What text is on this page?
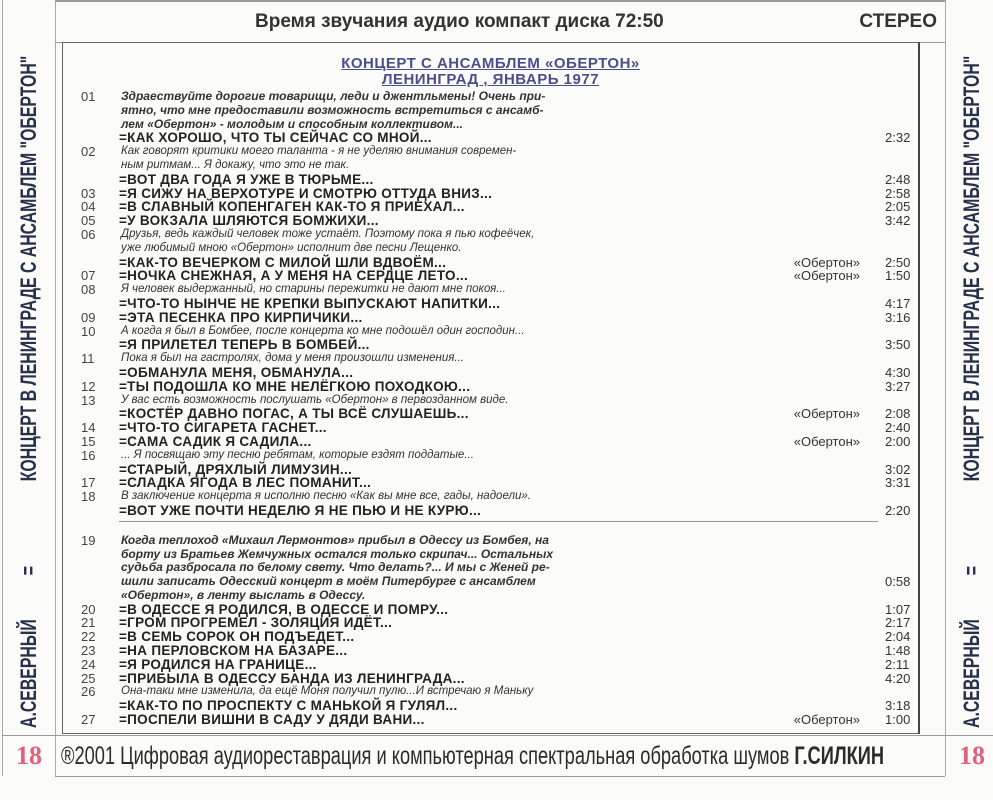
А.СЕВЕРНЫЙ
=
КОНЦЕРТ В ЛЕНИНГРАДЕ С АНСАМБЛЕМ "ОБЕРТОН"
А.СЕВЕРНЫЙ
=
КОНЦЕРТ В ЛЕНИНГРАДЕ С АНСАМБЛЕМ "ОБЕРТОН"
18	18
Время звучания аудио компакт диска 72:50	СТЕРЕО
КОНЦЕРТ С АНСАМБЛЕМ «ОБЕРТОН»
ЛЕНИНГРАД , ЯНВАРЬ 1977
01 Здраествуйте дорогие товарищи, леди и джентльмены! Очень при-
ятно, что мне предоставили возможность встретиться с ансамб-
лем «Обертон» - молодым и способным коллективом...
=КАК ХОРОШО, ЧТО ТЫ СЕЙЧАС СО МНОЙ...	2:32
02 Как говорят критики моего таланта - я не уделяю внимания современ-
ным ритмам... Я докажу, что это не так.
=ВОТ ДВА ГОДА Я УЖЕ В ТЮРЬМЕ...	2:48
03 =Я СИЖУ НА ВЕРХОТУРЕ И СМОТРЮ ОТТУДА ВНИЗ...	2:58
04 =В СЛАВНЫЙ КОПЕНГАГЕН КАК-ТО Я ПРИЕХАЛ...	2:05
05 =У ВОКЗАЛА ШЛЯЮТСЯ БОМЖИХИ...	3:42
06 Друзья, ведь каждый человек тоже устаёт. Поэтому пока я пью кофеёчек,
уже любимый мною «Обертон» исполнит две песни Лещенко.
=КАК-ТО ВЕЧЕРКОМ С МИЛОЙ ШЛИ ВДВОЁМ...	«Обертон» 2:50
07 =НОЧКА СНЕЖНАЯ, А У МЕНЯ НА СЕРДЦЕ ЛЕТО...	«Обертон» 1:50
08 Я человек выдержанный, но старины пережитки не дают мне покоя...
=ЧТО-ТО НЫНЧЕ НЕ КРЕПКИ ВЫПУСКАЮТ НАПИТКИ...	4:17
09 =ЭТА ПЕСЕНКА ПРО КИРПИЧИКИ...	3:16
10 А когда я был в Бомбее, после концерта ко мне подошёл один господин...
=Я ПРИЛЕТЕЛ ТЕПЕРЬ В БОМБЕЙ...	3:50
11 Пока я был на гастролях, дома у меня произошли изменения...
=ОБМАНУЛА МЕНЯ, ОБМАНУЛА...	4:30
12 =ТЫ ПОДОШЛА КО МНЕ НЕЛЁГКОЮ ПОХОДКОЮ...	3:27
13 У вас есть возможность послушать «Обертон» в первозданном виде.
=КОСТЁР ДАВНО ПОГАС, А ТЫ ВСЁ СЛУШАЕШЬ...	«Обертон» 2:08
14 =ЧТО-ТО СИГАРЕТА ГАСНЕТ...	2:40
15 =САМА САДИК Я САДИЛА...	«Обертон» 2:00
16 ... Я посвящаю эту песню ребятам, которые ездят поддатые...
=СТАРЫЙ, ДРЯХЛЫЙ ЛИМУЗИН...	3:02
17 =СЛАДКА ЯГОДА В ЛЕС ПОМАНИТ...	3:31
18 В заключение концерта я исполню песню «Как вы мне все, гады, надоели».
=ВОТ УЖЕ ПОЧТИ НЕДЕЛЮ Я НЕ ПЬЮ И НЕ КУРЮ...	2:20
19 Когда теплоход «Михаил Лермонтов» прибыл в Одессу из Бомбея, на
борту из Братьев Жемчужных остался только скрипач... Остальных
судьба разбросала по белому свету. Что делать?... И мы с Женей ре-
шили записать Одесский концерт в моём Питербурге с ансамблем	0:58
«Обертон», в ленту выслать в Одессу.
20 =В ОДЕССЕ Я РОДИЛСЯ, В ОДЕССЕ И ПОМРУ...	1:07
21 =ГРОМ ПРОГРЕМЕЛ - ЗОЛЯЦИЯ ИДЁТ...	2:17
22 =В СЕМЬ СОРОК ОН ПОДЪЕДЕТ...	2:04
23 =НА ПЕРЛОВСКОМ НА БАЗАРЕ...	1:48
24 =Я РОДИЛСЯ НА ГРАНИЦЕ...	2:11
25 =ПРИБЫЛА В ОДЕССУ БАНДА ИЗ ЛЕНИНГРАДА...	4:20
26 Она-таки мне изменила, да ещё Моня получил пулю...И встречаю я Маньку
=КАК-ТО ПО ПРОСПЕКТУ С МАНЬКОЙ Я ГУЛЯЛ...	3:18
27 =ПОСПЕЛИ ВИШНИ В САДУ У ДЯДИ ВАНИ...	«Обертон» 1:00
®2001 Цифровая аудиореставрация и компьютерная спектральная обработка шумов Г.СИЛКИН
